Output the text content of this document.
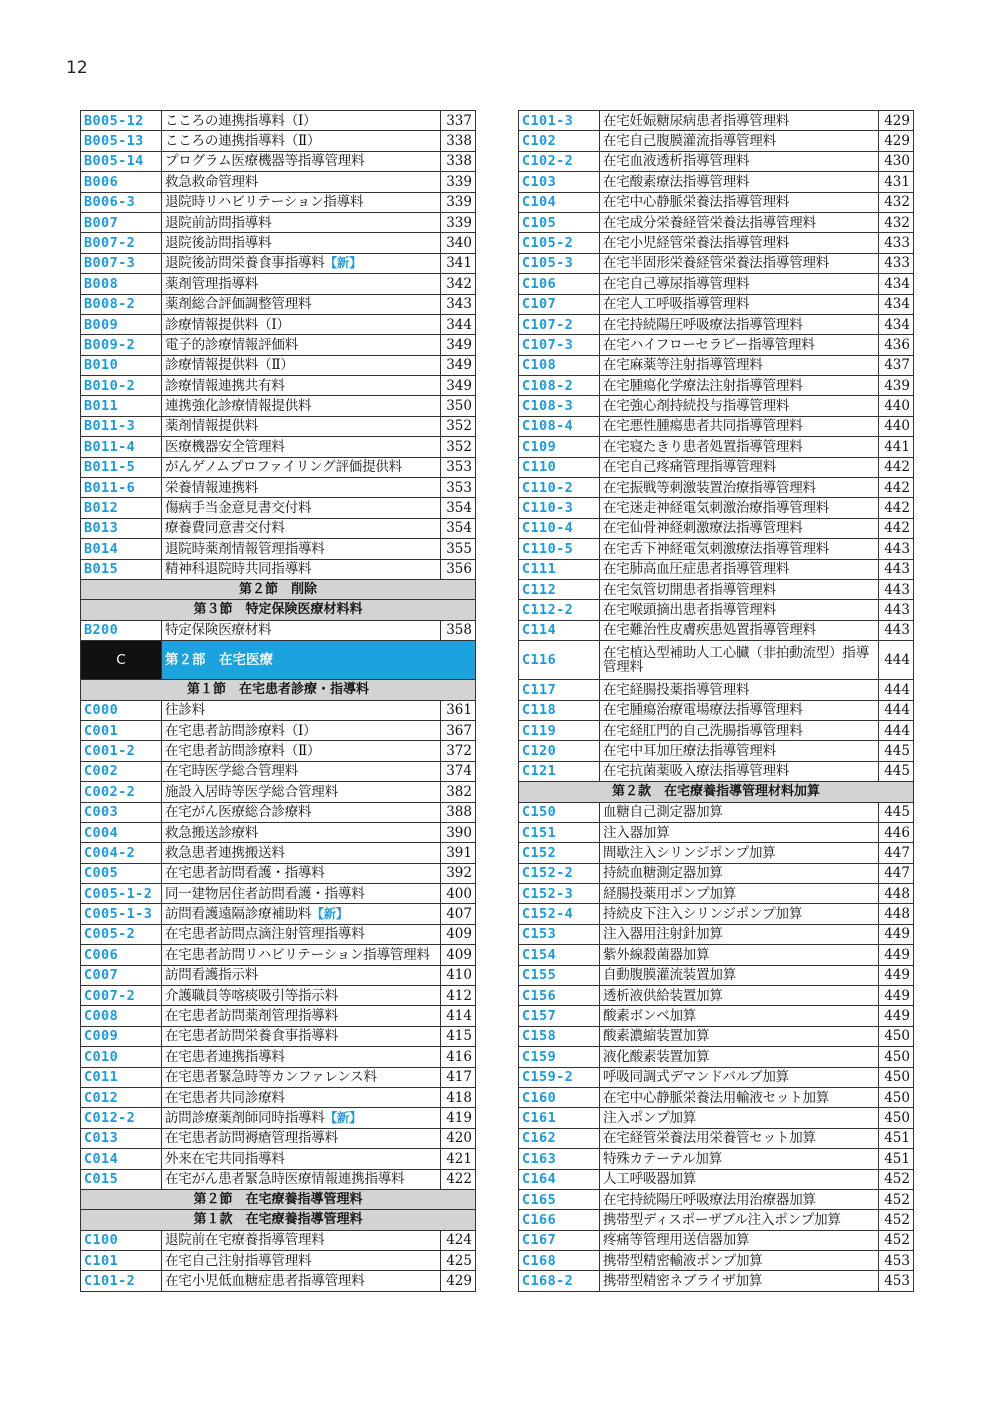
12
B005-12	こころの連携指導料（Ⅰ）	337
B005-13	こころの連携指導料（Ⅱ）	338
B005-14	プログラム医療機器等指導管理料	338
B006	救急救命管理料	339
B006-3	退院時リハビリテーション指導料	339
B007	退院前訪問指導料	339
B007-2	退院後訪問指導料	340
B007-3	退院後訪問栄養食事指導料【新】	341
B008	薬剤管理指導料	342
B008-2	薬剤総合評価調整管理料	343
B009	診療情報提供料（Ⅰ）	344
B009-2	電子的診療情報評価料	349
B010	診療情報提供料（Ⅱ）	349
B010-2	診療情報連携共有料	349
B011	連携強化診療情報提供料	350
B011-3	薬剤情報提供料	352
B011-4	医療機器安全管理料	352
B011-5	がんゲノムプロファイリング評価提供料	353
B011-6	栄養情報連携料	353
B012	傷病手当金意見書交付料	354
B013	療養費同意書交付料	354
B014	退院時薬剤情報管理指導料	355
B015	精神科退院時共同指導料	356
第２節　削除		
第３節　特定保険医療材料料		
B200	特定保険医療材料	358
C	第２部　在宅医療	
第１節　在宅患者診療・指導料		
C000	往診料	361
C001	在宅患者訪問診療料（Ⅰ）	367
C001-2	在宅患者訪問診療料（Ⅱ）	372
C002	在宅時医学総合管理料	374
C002-2	施設入居時等医学総合管理料	382
C003	在宅がん医療総合診療料	388
C004	救急搬送診療料	390
C004-2	救急患者連携搬送料	391
C005	在宅患者訪問看護・指導料	392
C005-1-2	同一建物居住者訪問看護・指導料	400
C005-1-3	訪問看護遠隔診療補助料【新】	407
C005-2	在宅患者訪問点滴注射管理指導料	409
C006	在宅患者訪問リハビリテーション指導管理料	409
C007	訪問看護指示料	410
C007-2	介護職員等喀痰吸引等指示料	412
C008	在宅患者訪問薬剤管理指導料	414
C009	在宅患者訪問栄養食事指導料	415
C010	在宅患者連携指導料	416
C011	在宅患者緊急時等カンファレンス料	417
C012	在宅患者共同診療料	418
C012-2	訪問診療薬剤師同時指導料【新】	419
C013	在宅患者訪問褥瘡管理指導料	420
C014	外来在宅共同指導料	421
C015	在宅がん患者緊急時医療情報連携指導料	422
第２節　在宅療養指導管理料		
第１款　在宅療養指導管理料		
C100	退院前在宅療養指導管理料	424
C101	在宅自己注射指導管理料	425
C101-2	在宅小児低血糖症患者指導管理料	429
C101-3	在宅妊娠糖尿病患者指導管理料	429
C102	在宅自己腹膜灌流指導管理料	429
C102-2	在宅血液透析指導管理料	430
C103	在宅酸素療法指導管理料	431
C104	在宅中心静脈栄養法指導管理料	432
C105	在宅成分栄養経管栄養法指導管理料	432
C105-2	在宅小児経管栄養法指導管理料	433
C105-3	在宅半固形栄養経管栄養法指導管理料	433
C106	在宅自己導尿指導管理料	434
C107	在宅人工呼吸指導管理料	434
C107-2	在宅持続陽圧呼吸療法指導管理料	434
C107-3	在宅ハイフローセラピー指導管理料	436
C108	在宅麻薬等注射指導管理料	437
C108-2	在宅腫瘍化学療法注射指導管理料	439
C108-3	在宅強心剤持続投与指導管理料	440
C108-4	在宅悪性腫瘍患者共同指導管理料	440
C109	在宅寝たきり患者処置指導管理料	441
C110	在宅自己疼痛管理指導管理料	442
C110-2	在宅振戦等刺激装置治療指導管理料	442
C110-3	在宅迷走神経電気刺激治療指導管理料	442
C110-4	在宅仙骨神経刺激療法指導管理料	442
C110-5	在宅舌下神経電気刺激療法指導管理料	443
C111	在宅肺高血圧症患者指導管理料	443
C112	在宅気管切開患者指導管理料	443
C112-2	在宅喉頭摘出患者指導管理料	443
C114	在宅難治性皮膚疾患処置指導管理料	443
C116	在宅植込型補助人工心臓（非拍動流型）指導管理料	444
C117	在宅経腸投薬指導管理料	444
C118	在宅腫瘍治療電場療法指導管理料	444
C119	在宅経肛門的自己洗腸指導管理料	444
C120	在宅中耳加圧療法指導管理料	445
C121	在宅抗菌薬吸入療法指導管理料	445
第２款　在宅療養指導管理材料加算		
C150	血糖自己測定器加算	445
C151	注入器加算	446
C152	間歇注入シリンジポンプ加算	447
C152-2	持続血糖測定器加算	447
C152-3	経腸投薬用ポンプ加算	448
C152-4	持続皮下注入シリンジポンプ加算	448
C153	注入器用注射針加算	449
C154	紫外線殺菌器加算	449
C155	自動腹膜灌流装置加算	449
C156	透析液供給装置加算	449
C157	酸素ボンベ加算	449
C158	酸素濃縮装置加算	450
C159	液化酸素装置加算	450
C159-2	呼吸同調式デマンドバルブ加算	450
C160	在宅中心静脈栄養法用輸液セット加算	450
C161	注入ポンプ加算	450
C162	在宅経管栄養法用栄養管セット加算	451
C163	特殊カテーテル加算	451
C164	人工呼吸器加算	452
C165	在宅持続陽圧呼吸療法用治療器加算	452
C166	携帯型ディスポーザブル注入ポンプ加算	452
C167	疼痛等管理用送信器加算	452
C168	携帯型精密輸液ポンプ加算	453
C168-2	携帯型精密ネブライザ加算	453
